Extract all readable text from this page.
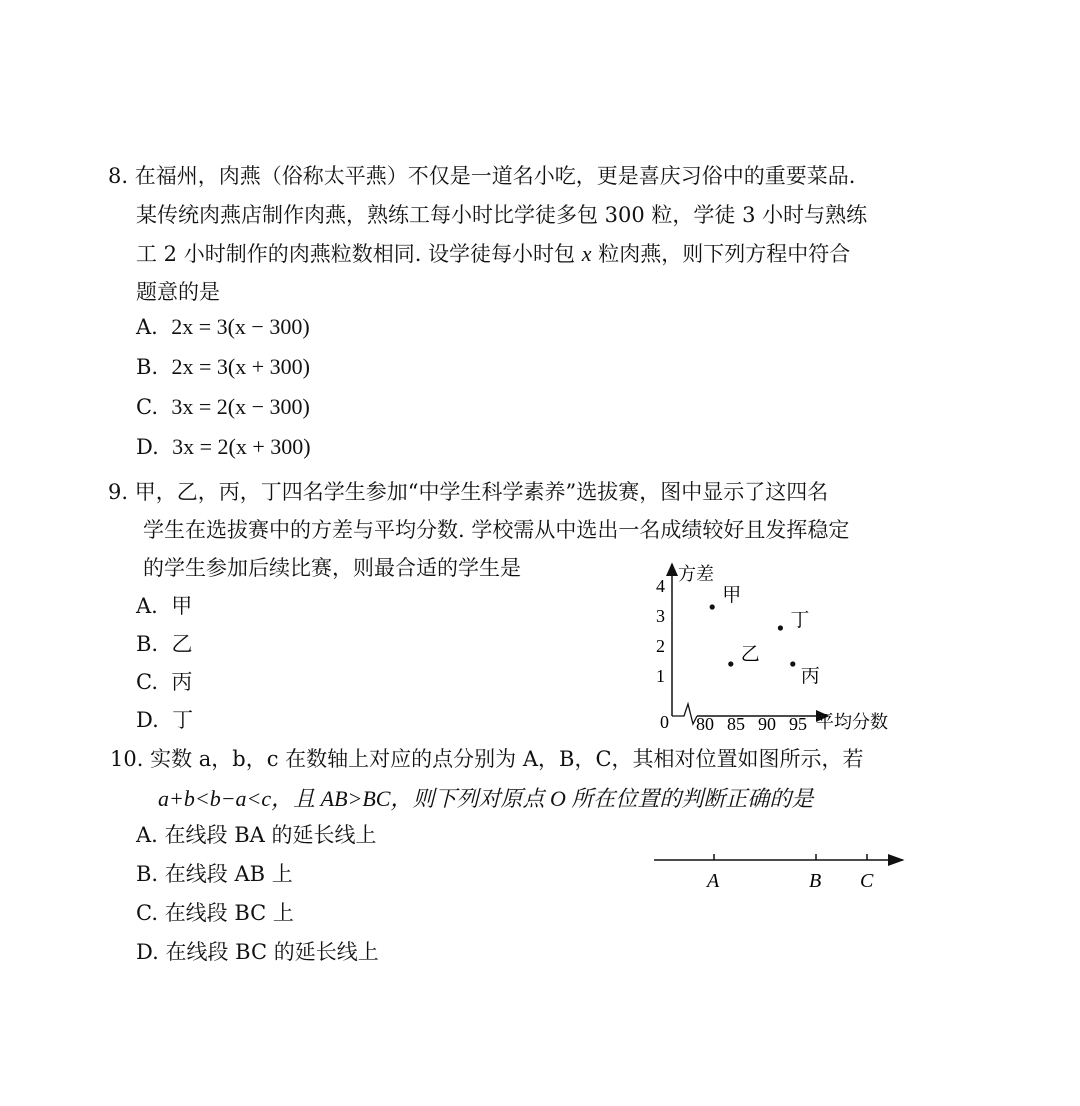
8. 在福州，肉燕（俗称太平燕）不仅是一道名小吃，更是喜庆习俗中的重要菜品.
某传统肉燕店制作肉燕，熟练工每小时比学徒多包 300 粒，学徒 3 小时与熟练
工 2 小时制作的肉燕粒数相同. 设学徒每小时包 x 粒肉燕，则下列方程中符合
题意的是
A. 2x = 3(x − 300)
B. 2x = 3(x + 300)
C. 3x = 2(x − 300)
D. 3x = 2(x + 300)
9. 甲，乙，丙，丁四名学生参加“中学生科学素养”选拔赛，图中显示了这四名
学生在选拔赛中的方差与平均分数. 学校需从中选出一名成绩较好且发挥稳定
的学生参加后续比赛，则最合适的学生是
A. 甲
B. 乙
C. 丙
D. 丁
方差
平均分数
0
1
2
3
4
80 85 90 95
甲
乙
丙
丁
10. 实数 a，b，c 在数轴上对应的点分别为 A，B，C，其相对位置如图所示，若
a+b<b−a<c，且 AB>BC，则下列对原点 O 所在位置的判断正确的是
A. 在线段 BA 的延长线上
B. 在线段 AB 上
C. 在线段 BC 上
D. 在线段 BC 的延长线上
A	B C
